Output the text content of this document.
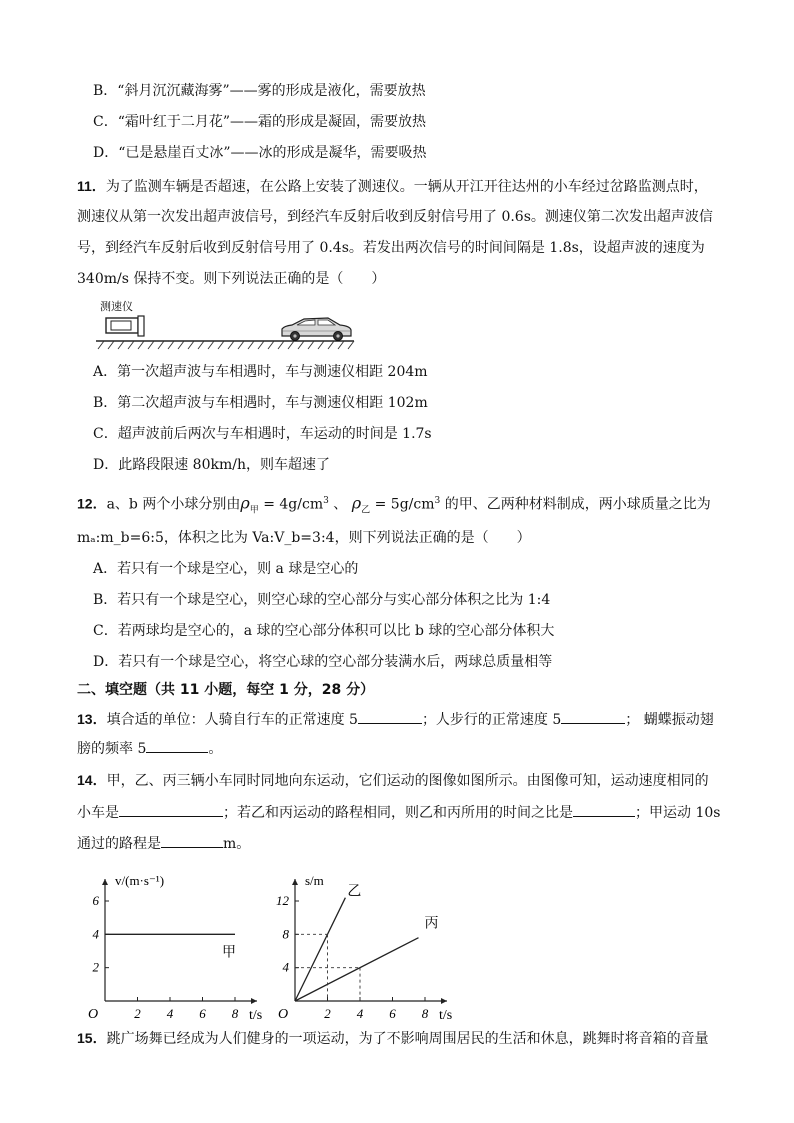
B．“斜月沉沉藏海雾”——雾的形成是液化，需要放热
C．“霜叶红于二月花”——霜的形成是凝固，需要放热
D．“已是悬崖百丈冰”——冰的形成是凝华，需要吸热
11．为了监测车辆是否超速，在公路上安装了测速仪。一辆从开江开往达州的小车经过岔路监测点时，
测速仪从第一次发出超声波信号，到经汽车反射后收到反射信号用了 0.6s。测速仪第二次发出超声波信
号，到经汽车反射后收到反射信号用了 0.4s。若发出两次信号的时间间隔是 1.8s，设超声波的速度为
340m/s 保持不变。则下列说法正确的是（　　）
测速仪
A．第一次超声波与车相遇时，车与测速仪相距 204m
B．第二次超声波与车相遇时，车与测速仪相距 102m
C．超声波前后两次与车相遇时，车运动的时间是 1.7s
D．此路段限速 80km/h，则车超速了
12．a、b 两个小球分别由$\rho_甲 = 4g/cm^3$ 、 $\rho_乙 = 5g/cm^3$ 的甲、乙两种材料制成，两小球质量之比为
mₐ:m_b=6:5，体积之比为 Va:V_b=3:4，则下列说法正确的是（　　）
A．若只有一个球是空心，则 a 球是空心的
B．若只有一个球是空心，则空心球的空心部分与实心部分体积之比为 1:4
C．若两球均是空心的，a 球的空心部分体积可以比 b 球的空心部分体积大
D．若只有一个球是空心，将空心球的空心部分装满水后，两球总质量相等
二、填空题（共 11 小题，每空 1 分，28 分）
13．填合适的单位：人骑自行车的正常速度 5	；人步行的正常速度 5	； 蝴蝶振动翅
膀的频率 5	。
14．甲，乙、丙三辆小车同时同地向东运动，它们运动的图像如图所示。由图像可知，运动速度相同的
小车是	；若乙和丙运动的路程相同，则乙和丙所用的时间之比是	；甲运动 10s
通过的路程是	m。
2 4 6 8
2
4
6
O	t/s
v/(m·s⁻¹)
甲
2 4 6 8
4
8
12
O	t/s
s/m
乙
丙
15．跳广场舞已经成为人们健身的一项运动，为了不影响周围居民的生活和休息，跳舞时将音箱的音量
